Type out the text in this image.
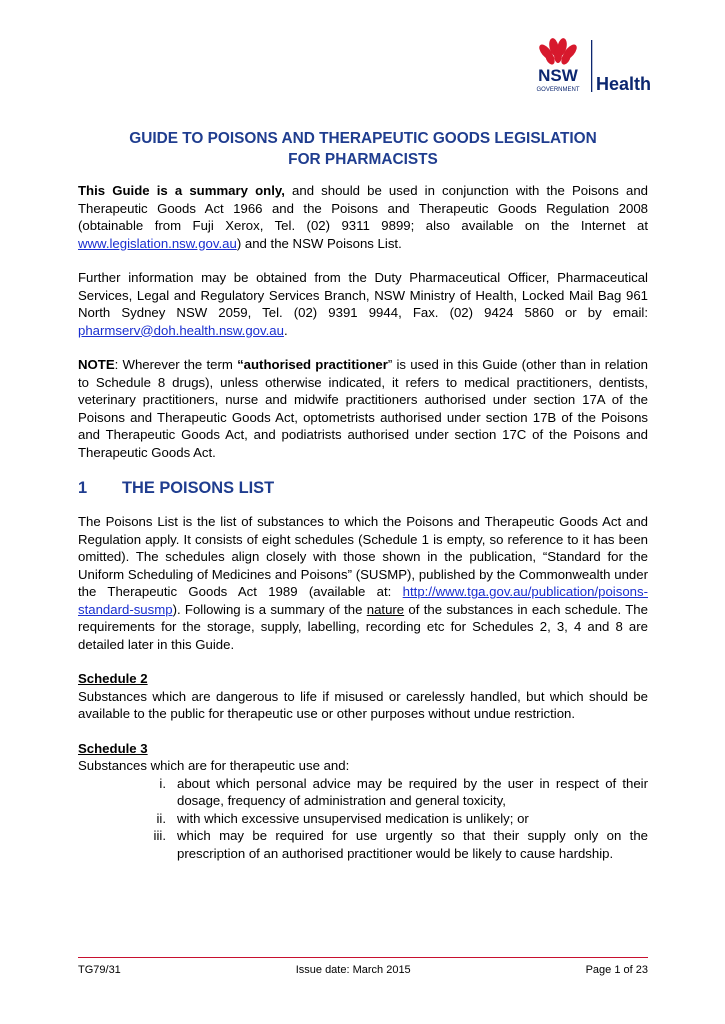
NSW
GOVERNMENT Health
GUIDE TO POISONS AND THERAPEUTIC GOODS LEGISLATION
FOR PHARMACISTS

This Guide is a summary only, and should be used in conjunction with the Poisons and Therapeutic Goods Act 1966 and the Poisons and Therapeutic Goods Regulation 2008 (obtainable from Fuji Xerox, Tel. (02) 9311 9899; also available on the Internet at www.legislation.nsw.gov.au) and the NSW Poisons List.

Further information may be obtained from the Duty Pharmaceutical Officer, Pharmaceutical Services, Legal and Regulatory Services Branch, NSW Ministry of Health, Locked Mail Bag 961 North Sydney NSW 2059, Tel. (02) 9391 9944, Fax. (02) 9424 5860 or by email: pharmserv@doh.health.nsw.gov.au.

NOTE: Wherever the term “authorised practitioner” is used in this Guide (other than in relation to Schedule 8 drugs), unless otherwise indicated, it refers to medical practitioners, dentists, veterinary practitioners, nurse and midwife practitioners authorised under section 17A of the Poisons and Therapeutic Goods Act, optometrists authorised under section 17B of the Poisons and Therapeutic Goods Act, and podiatrists authorised under section 17C of the Poisons and Therapeutic Goods Act.

1	THE POISONS LIST

The Poisons List is the list of substances to which the Poisons and Therapeutic Goods Act and Regulation apply. It consists of eight schedules (Schedule 1 is empty, so reference to it has been omitted). The schedules align closely with those shown in the publication, “Standard for the Uniform Scheduling of Medicines and Poisons” (SUSMP), published by the Commonwealth under the Therapeutic Goods Act 1989 (available at: http://www.tga.gov.au/publication/poisons-standard-susmp). Following is a summary of the nature of the substances in each schedule. The requirements for the storage, supply, labelling, recording etc for Schedules 2, 3, 4 and 8 are detailed later in this Guide.

Schedule 2
Substances which are dangerous to life if misused or carelessly handled, but which should be available to the public for therapeutic use or other purposes without undue restriction.
Schedule 3
Substances which are for therapeutic use and:
i. about which personal advice may be required by the user in respect of their dosage, frequency of administration and general toxicity,
ii. with which excessive unsupervised medication is unlikely; or
iii. which may be required for use urgently so that their supply only on the prescription of an authorised practitioner would be likely to cause hardship.
TG79/31	Issue date: March 2015	Page 1 of 23
